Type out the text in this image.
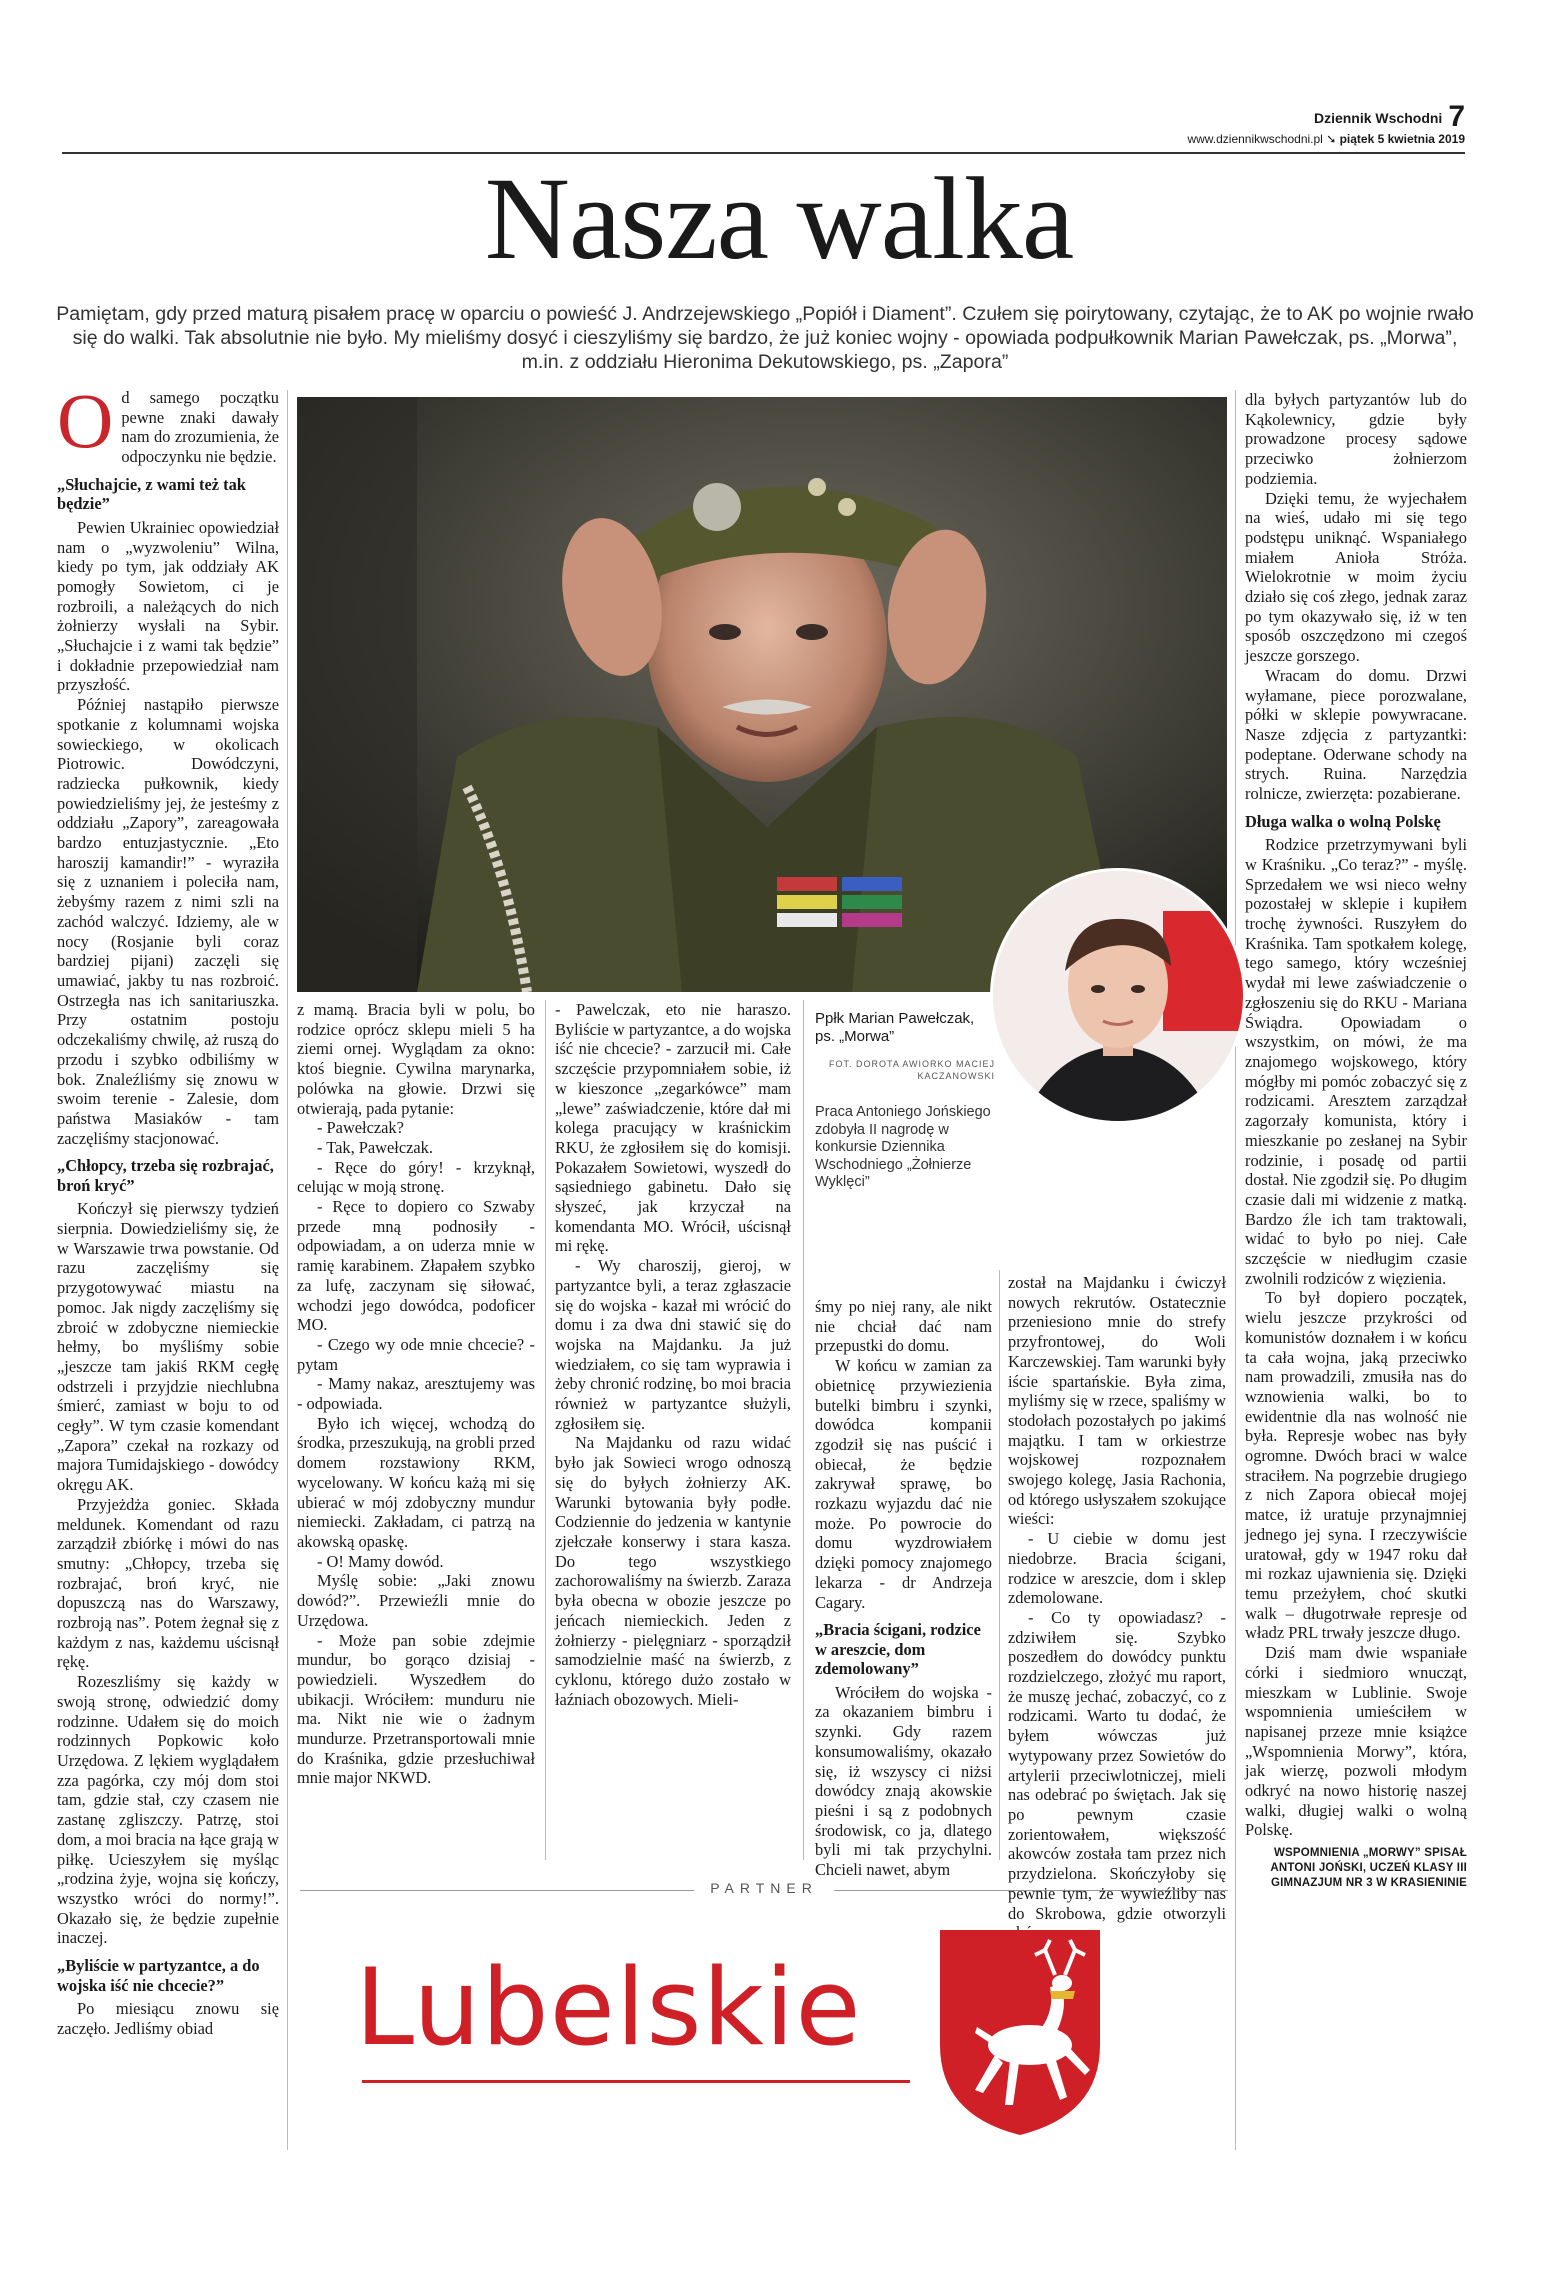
Dziennik Wschodni 7
www.dziennikwschodni.pl ➘ piątek 5 kwietnia 2019
Nasza walka
Pamiętam, gdy przed maturą pisałem pracę w oparciu o powieść J. Andrzejewskiego „Popiół i Diament”. Czułem się poirytowany, czytając, że to AK po wojnie rwało się do walki. Tak absolutnie nie było. My mieliśmy dosyć i cieszyliśmy się bardzo, że już koniec wojny - opowiada podpułkownik Marian Pawełczak, ps. „Morwa”, m.in. z oddziału Hieronima Dekutowskiego, ps. „Zapora”
O d samego początku pewne znaki dawały nam do zrozumienia, że odpoczynku nie będzie.

„Słuchajcie, z wami też tak będzie”

Pewien Ukrainiec opowiedział nam o „wyzwoleniu” Wilna, kiedy po tym, jak oddziały AK pomogły Sowietom, ci je rozbroili, a należących do nich żołnierzy wysłali na Sybir. „Słuchajcie i z wami tak będzie” i dokładnie przepowiedział nam przyszłość.

Później nastąpiło pierwsze spotkanie z kolumnami wojska sowieckiego, w okolicach Piotrowic. Dowódczyni, radziecka pułkownik, kiedy powiedzieliśmy jej, że jesteśmy z oddziału „Zapory”, zareagowała bardzo entuzjastycznie. „Eto haroszij kamandir!” - wyraziła się z uznaniem i poleciła nam, żebyśmy razem z nimi szli na zachód walczyć. Idziemy, ale w nocy (Rosjanie byli coraz bardziej pijani) zaczęli się umawiać, jakby tu nas rozbroić. Ostrzegła nas ich sanitariuszka. Przy ostatnim postoju odczekaliśmy chwilę, aż ruszą do przodu i szybko odbiliśmy w bok. Znaleźliśmy się znowu w swoim terenie - Zalesie, dom państwa Masiaków - tam zaczęliśmy stacjonować.

„Chłopcy, trzeba się rozbrajać, broń kryć”

Kończył się pierwszy tydzień sierpnia. Dowiedzieliśmy się, że w Warszawie trwa powstanie. Od razu zaczęliśmy się przygotowywać miastu na pomoc. Jak nigdy zaczęliśmy się zbroić w zdobyczne niemieckie hełmy, bo myśliśmy sobie „jeszcze tam jakiś RKM cegłę odstrzeli i przyjdzie niechlubna śmierć, zamiast w boju to od cegły”. W tym czasie komendant „Zapora” czekał na rozkazy od majora Tumidajskiego - dowódcy okręgu AK.

Przyjeżdża goniec. Składa meldunek. Komendant od razu zarządził zbiórkę i mówi do nas smutny: „Chłopcy, trzeba się rozbrajać, broń kryć, nie dopuszczą nas do Warszawy, rozbroją nas”. Potem żegnał się z każdym z nas, każdemu uścisnął rękę.

Rozeszliśmy się każdy w swoją stronę, odwiedzić domy rodzinne. Udałem się do moich rodzinnych Popkowic koło Urzędowa. Z lękiem wyglądałem zza pagórka, czy mój dom stoi tam, gdzie stał, czy czasem nie zastanę zgliszczy. Patrzę, stoi dom, a moi bracia na łące grają w piłkę. Ucieszyłem się myśląc „rodzina żyje, wojna się kończy, wszystko wróci do normy!”. Okazało się, że będzie zupełnie inaczej.

„Byliście w partyzantce, a do wojska iść nie chcecie?”

Po miesiącu znowu się zaczęło. Jedliśmy obiad

Ppłk Marian Pawełczak, ps. „Morwa”
FOT. DOROTA AWIORKO MACIEJ KACZANOWSKI
Praca Antoniego Jońskiego zdobyła II nagrodę w konkursie Dziennika Wschodniego „Żołnierze Wyklęci”

z mamą. Bracia byli w polu, bo rodzice oprócz sklepu mieli 5 ha ziemi ornej. Wyglądam za okno: ktoś biegnie. Cywilna marynarka, polówka na głowie. Drzwi się otwierają, pada pytanie:

- Pawełczak?

- Tak, Pawełczak.

- Ręce do góry! - krzyknął, celując w moją stronę.

- Ręce to dopiero co Szwaby przede mną podnosiły - odpowiadam, a on uderza mnie w ramię karabinem. Złapałem szybko za lufę, zaczynam się siłować, wchodzi jego dowódca, podoficer MO.

- Czego wy ode mnie chcecie? - pytam

- Mamy nakaz, aresztujemy was - odpowiada.

Było ich więcej, wchodzą do środka, przeszukują, na grobli przed domem rozstawiony RKM, wycelowany. W końcu każą mi się ubierać w mój zdobyczny mundur niemiecki. Zakładam, ci patrzą na akowską opaskę.

- O! Mamy dowód.

Myślę sobie: „Jaki znowu dowód?”. Przewieźli mnie do Urzędowa.

- Może pan sobie zdejmie mundur, bo gorąco dzisiaj - powiedzieli. Wyszedłem do ubikacji. Wróciłem: munduru nie ma. Nikt nie wie o żadnym mundurze. Przetransportowali mnie do Kraśnika, gdzie przesłuchiwał mnie major NKWD.

- Pawelczak, eto nie haraszo. Byliście w partyzantce, a do wojska iść nie chcecie? - zarzucił mi. Całe szczęście przypomniałem sobie, iż w kieszonce „zegarkówce” mam „lewe” zaświadczenie, które dał mi kolega pracujący w kraśnickim RKU, że zgłosiłem się do komisji. Pokazałem Sowietowi, wyszedł do sąsiedniego gabinetu. Dało się słyszeć, jak krzyczał na komendanta MO. Wrócił, uścisnął mi rękę.

- Wy charoszij, gieroj, w partyzantce byli, a teraz zgłaszacie się do wojska - kazał mi wrócić do domu i za dwa dni stawić się do wojska na Majdanku. Ja już wiedziałem, co się tam wyprawia i żeby chronić rodzinę, bo moi bracia również w partyzantce służyli, zgłosiłem się.

Na Majdanku od razu widać było jak Sowieci wrogo odnoszą się do byłych żołnierzy AK. Warunki bytowania były podłe. Codziennie do jedzenia w kantynie zjełczałe konserwy i stara kasza. Do tego wszystkiego zachorowaliśmy na świerzb. Zaraza była obecna w obozie jeszcze po jeńcach niemieckich. Jeden z żołnierzy - pielęgniarz - sporządził samodzielnie maść na świerzb, z cyklonu, którego dużo zostało w łaźniach obozowych. Mieli-

śmy po niej rany, ale nikt nie chciał dać nam przepustki do domu.

W końcu w zamian za obietnicę przywiezienia butelki bimbru i szynki, dowódca kompanii zgodził się nas puścić i obiecał, że będzie zakrywał sprawę, bo rozkazu wyjazdu dać nie może. Po powrocie do domu wyzdrowiałem dzięki pomocy znajomego lekarza - dr Andrzeja Cagary.

„Bracia ścigani, rodzice w areszcie, dom zdemolowany”

Wróciłem do wojska - za okazaniem bimbru i szynki. Gdy razem konsumowaliśmy, okazało się, iż wszyscy ci niżsi dowódcy znają akowskie pieśni i są z podobnych środowisk, co ja, dlatego byli mi tak przychylni. Chcieli nawet, abym

został na Majdanku i ćwiczył nowych rekrutów. Ostatecznie przeniesiono mnie do strefy przyfrontowej, do Woli Karczewskiej. Tam warunki były iście spartańskie. Była zima, myliśmy się w rzece, spaliśmy w stodołach pozostałych po jakimś majątku. I tam w orkiestrze wojskowej rozpoznałem swojego kolegę, Jasia Rachonia, od którego usłyszałem szokujące wieści:

- U ciebie w domu jest niedobrze. Bracia ścigani, rodzice w areszcie, dom i sklep zdemolowane.

- Co ty opowiadasz? - zdziwiłem się. Szybko poszedłem do dowódcy punktu rozdzielczego, złożyć mu raport, że muszę jechać, zobaczyć, co z rodzicami. Warto tu dodać, że byłem wówczas już wytypowany przez Sowietów do artylerii przeciwlotniczej, mieli nas odebrać po świętach. Jak się po pewnym czasie zorientowałem, większość akowców została tam przez nich przydzielona. Skończyłoby się pewnie tym, że wywieźliby nas do Skrobowa, gdzie otworzyli

dla byłych partyzantów lub do Kąkolewnicy, gdzie były prowadzone procesy sądowe przeciwko żołnierzom podziemia.

Dzięki temu, że wyjechałem na wieś, udało mi się tego podstępu uniknąć. Wspaniałego miałem Anioła Stróża. Wielokrotnie w moim życiu działo się coś złego, jednak zaraz po tym okazywało się, iż w ten sposób oszczędzono mi czegoś jeszcze gorszego.

Wracam do domu. Drzwi wyłamane, piece porozwalane, półki w sklepie powywracane. Nasze zdjęcia z partyzantki: podeptane. Oderwane schody na strych. Ruina. Narzędzia rolnicze, zwierzęta: pozabierane.

Długa walka o wolną Polskę

Rodzice przetrzymywani byli w Kraśniku. „Co teraz?” - myślę. Sprzedałem we wsi nieco wełny pozostałej w sklepie i kupiłem trochę żywności. Ruszyłem do Kraśnika. Tam spotkałem kolegę, tego samego, który wcześniej wydał mi lewe zaświadczenie o zgłoszeniu się do RKU - Mariana Świądra. Opowiadam o wszystkim, on mówi, że ma znajomego wojskowego, który mógłby mi pomóc zobaczyć się z rodzicami. Aresztem zarządzał zagorzały komunista, który i mieszkanie po zesłanej na Sybir rodzinie, i posadę od partii dostał. Nie zgodził się. Po długim czasie dali mi widzenie z matką. Bardzo źle ich tam traktowali, widać to było po niej. Całe szczęście w niedługim czasie zwolnili rodziców z więzienia.

To był dopiero początek, wielu jeszcze przykrości od komunistów doznałem i w końcu ta cała wojna, jaką przeciwko nam prowadzili, zmusiła nas do wznowienia walki, bo to ewidentnie dla nas wolność nie była. Represje wobec nas były ogromne. Dwóch braci w walce straciłem. Na pogrzebie drugiego z nich Zapora obiecał mojej matce, iż uratuje przynajmniej jednego jej syna. I rzeczywiście uratował, gdy w 1947 roku dał mi rozkaz ujawnienia się. Dzięki temu przeżyłem, choć skutki walk – długotrwałe represje od władz PRL trwały jeszcze długo.

Dziś mam dwie wspaniałe córki i siedmioro wnucząt, mieszkam w Lublinie. Swoje wspomnienia umieściłem w napisanej przeze mnie książce „Wspomnienia Morwy”, która, jak wierzę, pozwoli młodym odkryć na nowo historię naszej walki, długiej walki o wolną Polskę.

WSPOMNIENIA „MORWY” SPISAŁ ANTONI JOŃSKI, UCZEŃ KLASY III GIMNAZJUM NR 3 W KRASIENINIE
PARTNER
Lubelskie
